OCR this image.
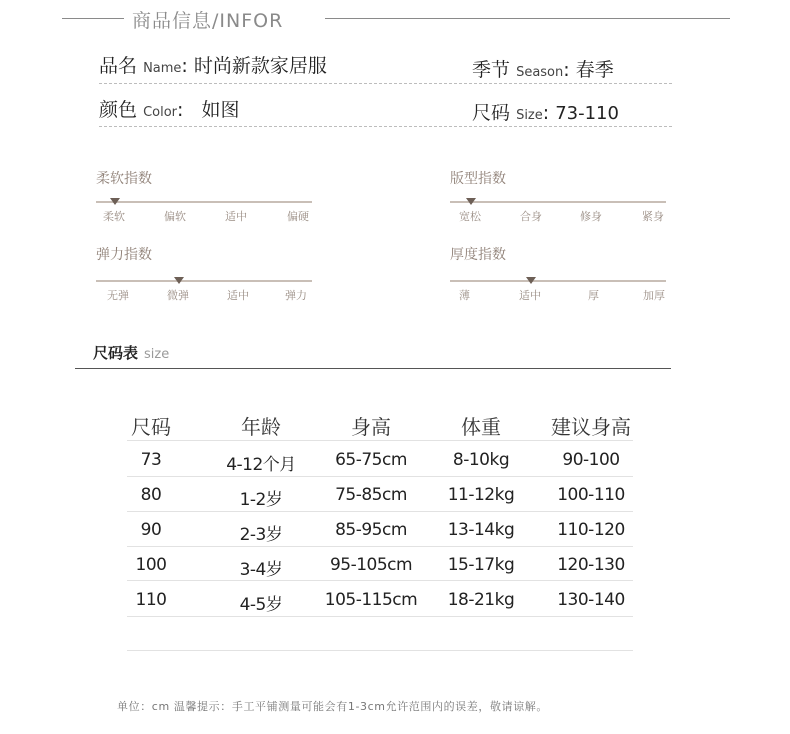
商品信息/INFOR
品名 Name: 时尚新款家居服	季节 Season: 春季
颜色 Color: 如图	尺码 Size: 73-110
柔软指数
柔软	偏软	适中	偏硬
版型指数
宽松	合身	修身	紧身
弹力指数
无弹	微弹	适中	弹力
厚度指数
薄	适中	厚	加厚
尺码表 size
尺码	年龄	身高	体重	建议身高
73	4-12个月	65-75cm	8-10kg	90-100
80	1-2岁	75-85cm	11-12kg	100-110
90	2-3岁	85-95cm	13-14kg	110-120
100	3-4岁	95-105cm	15-17kg	120-130
110	4-5岁	105-115cm	18-21kg	130-140
单位：cm 温馨提示：手工平铺测量可能会有1-3cm允许范围内的误差，敬请谅解。
